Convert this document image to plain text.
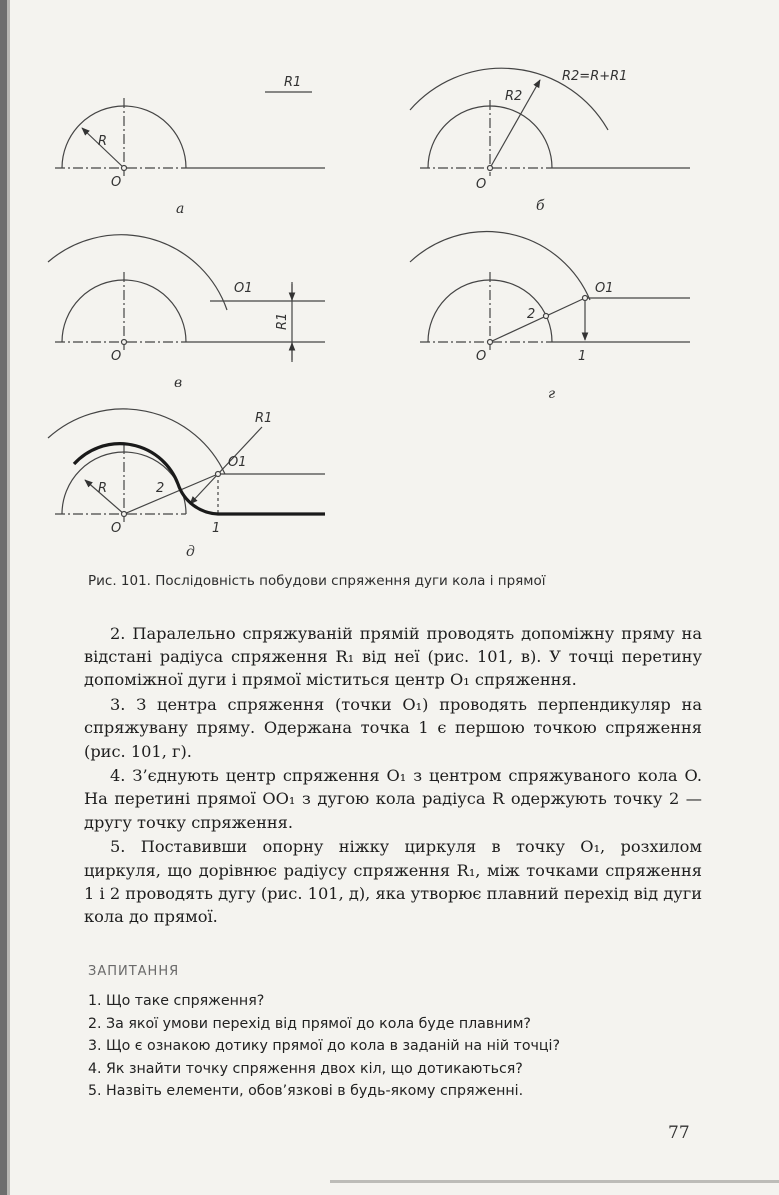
R1
R
O
а
R2=R+R1
R2
O
б
O1
R1
O
в
O1
2
1
O
г
R1
O1
R	2
1
O
д
Рис. 101. Послідовність побудови спряження дуги кола і прямої

2. Паралельно спряжуваній прямій проводять допоміжну пряму на відстані радіуса спряження R₁ від неї (рис. 101, в). У точці перетину допоміжної дуги і прямої міститься центр O₁ спряження.

3. З центра спряження (точки O₁) проводять перпендикуляр на спряжувану пряму. Одержана точка 1 є першою точкою спряження (рис. 101, г).

4. З’єднують центр спряження O₁ з центром спряжуваного кола O. На перетині прямої OO₁ з дугою кола радіуса R одержують точку 2 — другу точку спряження.

5. Поставивши опорну ніжку циркуля в точку O₁, розхилом циркуля, що дорівнює радіусу спряження R₁, між точками спряження 1 і 2 проводять дугу (рис. 101, д), яка утворює плавний перехід від дуги кола до прямої.

ЗАПИТАННЯ
1. Що таке спряження?
2. За якої умови перехід від прямої до кола буде плавним?
3. Що є ознакою дотику прямої до кола в заданій на ній точці?
4. Як знайти точку спряження двох кіл, що дотикаються?
5. Назвіть елементи, обов’язкові в будь-якому спряженні.
77
